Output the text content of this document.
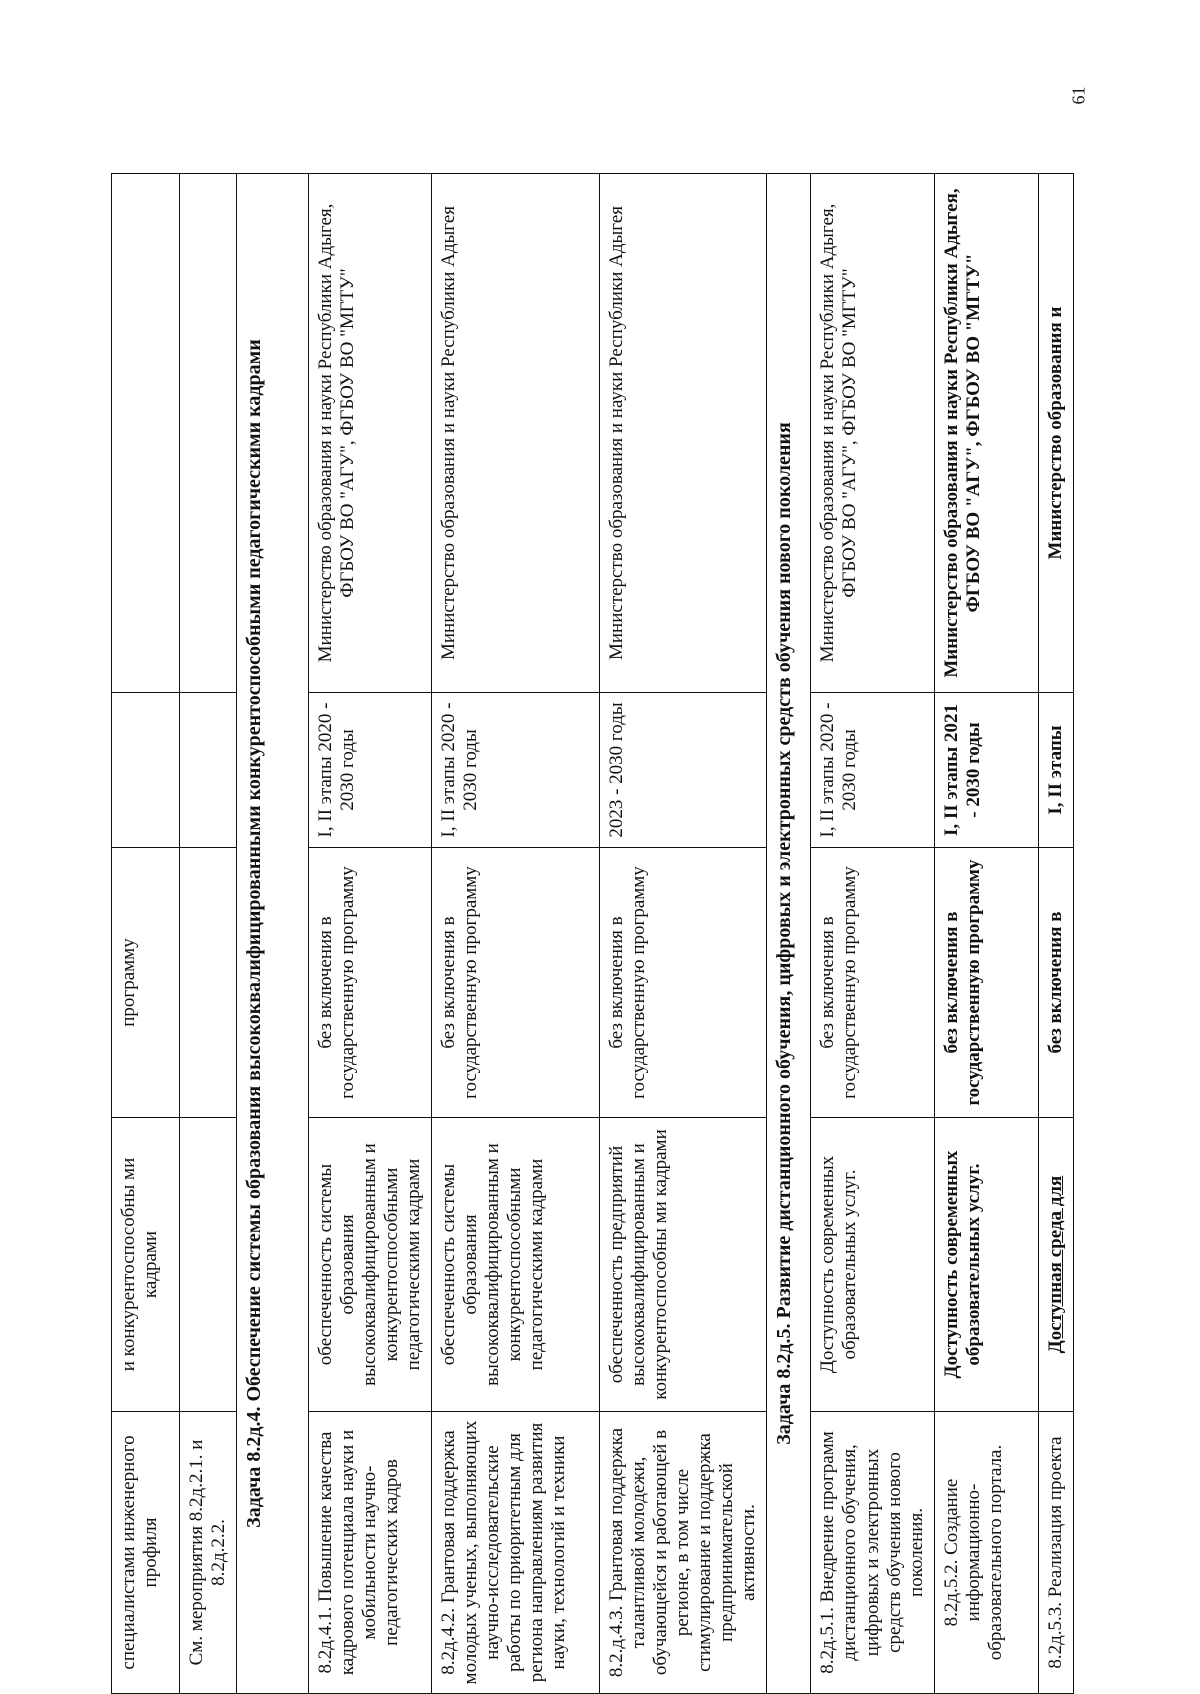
61
специалистами инженерного профиля	и конкурентоспособны ми кадрами	программу		
См. мероприятия 8.2д.2.1. и 8.2д.2.2.				
Задача 8.2д.4. Обеспечение системы образования высококвалифицированными конкурентоспособными педагогическими кадрами				
8.2д.4.1. Повышение качества кадрового потенциала науки и мобильности научно-педагогических кадров	обеспеченность системы образования высококвалифицированным и конкурентоспособными педагогическими кадрами	без включения в государственную программу	I, II этапы 2020 - 2030 годы	Министерство образования и науки Республики Адыгея, ФГБОУ ВО "АГУ", ФГБОУ ВО "МГТУ"
8.2д.4.2. Грантовая поддержка молодых ученых, выполняющих научно-исследовательские работы по приоритетным для региона направлениям развития науки, технологий и техники	обеспеченность системы образования высококвалифицированным и конкурентоспособными педагогическими кадрами	без включения в государственную программу	I, II этапы 2020 - 2030 годы	Министерство образования и науки Республики Адыгея
8.2.д.4.3. Грантовая поддержка талантливой молодежи, обучающейся и работающей в регионе, в том числе стимулирование и поддержка предпринимательской активности.	обеспеченность предприятий высококвалифицированным и конкурентоспособны ми кадрами	без включения в государственную программу	2023 - 2030 годы	Министерство образования и науки Республики Адыгея
Задача 8.2д.5. Развитие дистанционного обучения, цифровых и электронных средств обучения нового поколения				
8.2д.5.1. Внедрение программ дистанционного обучения, цифровых и электронных средств обучения нового поколения.	Доступность современных образовательных услуг.	без включения в государственную программу	I, II этапы 2020 - 2030 годы	Министерство образования и науки Республики Адыгея, ФГБОУ ВО "АГУ", ФГБОУ ВО "МГТУ"
8.2д.5.2. Создание информационно-образовательного портала.	Доступность современных образовательных услуг.	без включения в государственную программу	I, II этапы 2021 - 2030 годы	Министерство образования и науки Республики Адыгея, ФГБОУ ВО "АГУ", ФГБОУ ВО "МГТУ"
8.2д.5.3. Реализация проекта	Доступная среда для	без включения в	I, II этапы	Министерство образования и
